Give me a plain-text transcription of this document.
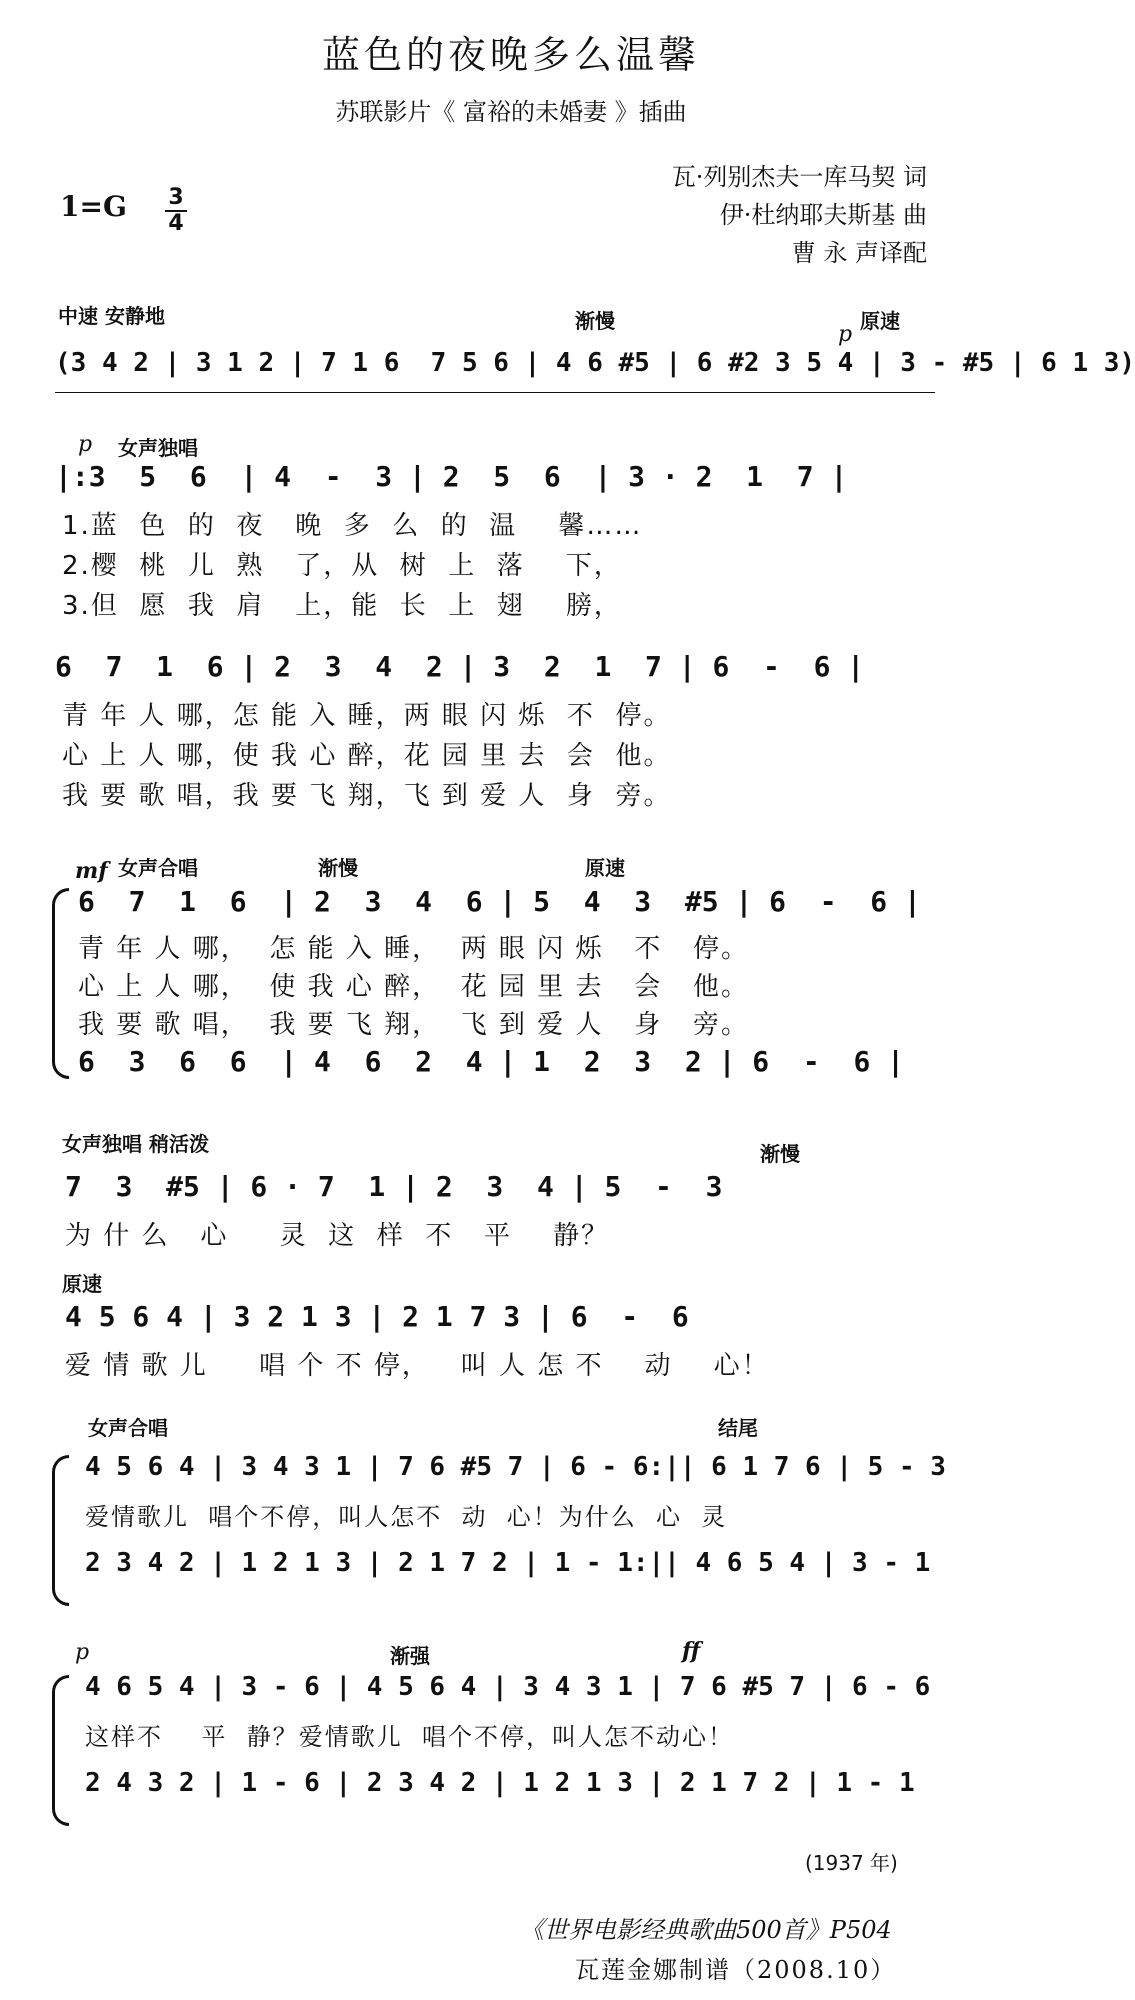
蓝色的夜晚多么温馨
苏联影片《 富裕的未婚妻 》插曲
1=G 3
4
瓦·列别杰夫一库马契 词
伊·杜纳耶夫斯基 曲
曹 永 声译配
中速 安静地	渐慢
p
原速
(3 4 2 | 3 1 2 | 7 1 6  7 5 6 | 4 6 #5 | 6 #2 3 5 4 | 3 - #5 | 6 1 3)
p 女声独唱
|:3  5  6  | 4  -  3 | 2  5  6  | 3 · 2  1  7 |
1.蓝  色  的  夜   晚  多  么  的  温    馨……
2.樱  桃  儿  熟   了，从  树  上  落    下，
3.但  愿  我  肩   上，能  长  上  翅    膀，
6  7  1  6 | 2  3  4  2 | 3  2  1  7 | 6  -  6 |
青 年 人 哪，怎 能 入 睡，两 眼 闪 烁  不  停。
心 上 人 哪，使 我 心 醉，花 园 里 去  会  他。
我 要 歌 唱，我 要 飞 翔，飞 到 爱 人  身  旁。
mf 女声合唱	渐慢	原速
6  7  1  6  | 2  3  4  6 | 5  4  3  #5 | 6  -  6 |
青 年 人 哪，  怎 能 入 睡，  两 眼 闪 烁   不   停。
心 上 人 哪，  使 我 心 醉，  花 园 里 去   会   他。
我 要 歌 唱，  我 要 飞 翔，  飞 到 爱 人   身   旁。
6  3  6  6  | 4  6  2  4 | 1  2  3  2 | 6  -  6 |
女声独唱 稍活泼	渐慢
7  3  #5 | 6 · 7  1 | 2  3  4 | 5  -  3
为 什 么   心     灵  这  样  不   平    静？
原速
4 5 6 4 | 3 2 1 3 | 2 1 7 3 | 6  -  6
爱 情 歌 儿     唱 个 不 停，   叫 人 怎 不    动    心！
女声合唱	结尾
4 5 6 4 | 3 4 3 1 | 7 6 #5 7 | 6 - 6:|| 6 1 7 6 | 5 - 3
爱情歌儿  唱个不停，叫人怎不  动  心！为什么  心  灵
2 3 4 2 | 1 2 1 3 | 2 1 7 2 | 1 - 1:|| 4 6 5 4 | 3 - 1
p	渐强	ff
4 6 5 4 | 3 - 6 | 4 5 6 4 | 3 4 3 1 | 7 6 #5 7 | 6 - 6
这样不    平  静？爱情歌儿  唱个不停，叫人怎不动心！
2 4 3 2 | 1 - 6 | 2 3 4 2 | 1 2 1 3 | 2 1 7 2 | 1 - 1
(1937 年)
《世界电影经典歌曲500首》P504
瓦莲金娜制谱（2008.10）
